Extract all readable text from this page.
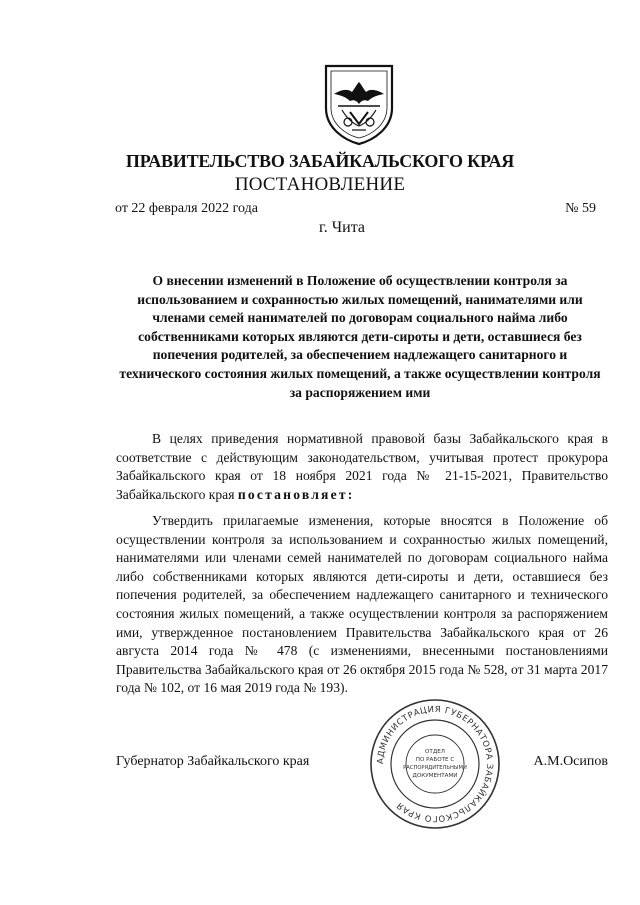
ПРАВИТЕЛЬСТВО ЗАБАЙКАЛЬСКОГО КРАЯ
ПОСТАНОВЛЕНИЕ
от 22 февраля 2022 года	№ 59
г. Чита
О внесении изменений в Положение об осуществлении контроля за использованием и сохранностью жилых помещений, нанимателями или членами семей нанимателей по договорам социального найма либо собственниками которых являются дети-сироты и дети, оставшиеся без попечения родителей, за обеспечением надлежащего санитарного и технического состояния жилых помещений, а также осуществлении контроля за распоряжением ими
В целях приведения нормативной правовой базы Забайкальского края в соответствие с действующим законодательством, учитывая протест прокурора Забайкальского края от 18 ноября 2021 года № 21-15-2021, Правительство Забайкальского края постановляет:
Утвердить прилагаемые изменения, которые вносятся в Положение об осуществлении контроля за использованием и сохранностью жилых помещений, нанимателями или членами семей нанимателей по договорам социального найма либо собственниками которых являются дети-сироты и дети, оставшиеся без попечения родителей, за обеспечением надлежащего санитарного и технического состояния жилых помещений, а также осуществлении контроля за распоряжением ими, утвержденное постановлением Правительства Забайкальского края от 26 августа 2014 года № 478 (с изменениями, внесенными постановлениями Правительства Забайкальского края от 26 октября 2015 года № 528, от 31 марта 2017 года № 102, от 16 мая 2019 года № 193).
Губернатор Забайкальского края	А.М.Осипов
АДМИНИСТРАЦИЯ ГУБЕРНАТОРА ЗАБАЙКАЛЬСКОГО КРАЯ
ОТДЕЛ
ПО РАБОТЕ С
РАСПОРЯДИТЕЛЬНЫМИ
ДОКУМЕНТАМИ
